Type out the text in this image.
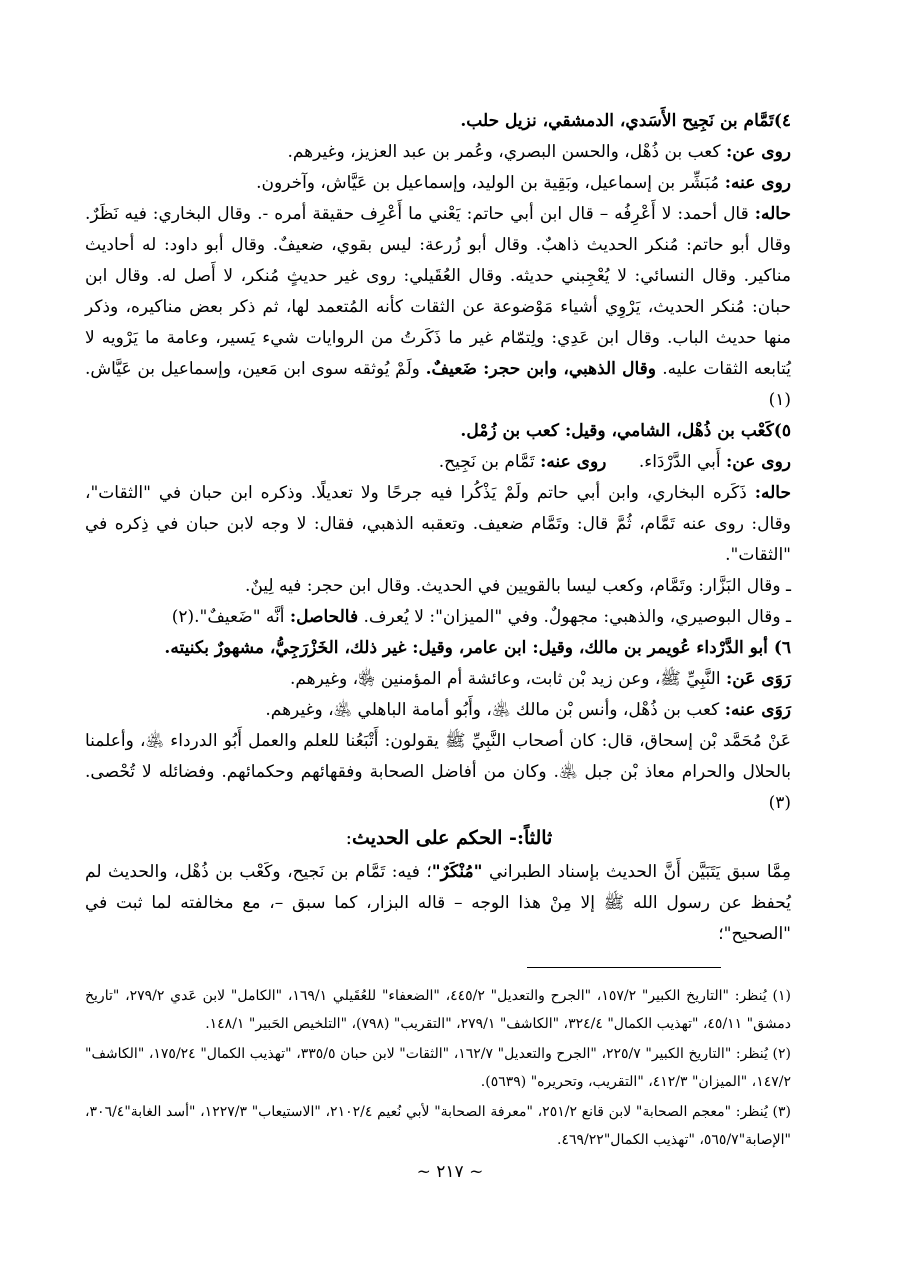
٤)تَمَّام بن نَجِيح الأَسَدي، الدمشقي، نزيل حلب.

روى عن: كعب بن ذُهْل، والحسن البصري، وعُمر بن عبد العزيز، وغيرهم.

روى عنه: مُبَشِّر بن إسماعيل، وبَقِية بن الوليد، وإسماعيل بن عَيَّاش، وآخرون.

حاله: قال أحمد: لا أَعْرِفُه – قال ابن أبي حاتم: يَعْني ما أَعْرِف حقيقة أمره -. وقال البخاري: فيه نَظَرٌ. وقال أبو حاتم: مُنكر الحديث ذاهبٌ. وقال أبو زُرعة: ليس بقوي، ضعيفٌ. وقال أبو داود: له أحاديث مناكير. وقال النسائي: لا يُعْجِبني حديثه. وقال العُقَيلي: روى غير حديثٍ مُنكر، لا أَصل له. وقال ابن حبان: مُنكر الحديث، يَرْوِي أشياء مَوْضوعة عن الثقات كأنه المُتعمد لها، ثم ذكر بعض مناكيره، وذكر منها حديث الباب. وقال ابن عَدِي: ولِتمّام غير ما ذَكَرتُ من الروايات شيء يَسير، وعامة ما يَرْويه لا يُتابعه الثقات عليه. وقال الذهبي، وابن حجر: ضَعيفٌ. ولَمْ يُوثقه سوى ابن مَعين، وإسماعيل بن عَيَّاش.(١)

٥)كَعْب بن ذُهْل، الشامي، وقيل: كعب بن زُمْل.

روى عن: أَبي الدَّرْدَاء.      روى عنه: تَمَّام بن نَجِيح.

حاله: ذَكَره البخاري، وابن أبي حاتم ولَمْ يَذْكُرا فيه جرحًا ولا تعديلًا. وذكره ابن حبان في "الثقات"، وقال: روى عنه تَمَّام، ثُمَّ قال: وتَمَّام ضعيف. وتعقبه الذهبي، فقال: لا وجه لابن حبان في ذِكره في "الثقات".

ـ وقال البَزَّار: وتَمَّام، وكعب ليسا بالقويين في الحديث. وقال ابن حجر: فيه لِينٌ.

ـ وقال البوصيري، والذهبي: مجهولٌ. وفي "الميزان": لا يُعرف. فالحاصل: أنَّه "ضَعيفٌ".(٢)

٦) أبو الدَّرْداء عُويمر بن مالك، وقيل: ابن عامر، وقيل: غير ذلك، الخَزْرَجِيُّ، مشهورٌ بكنيته.

رَوَى عَن: النَّبِيِّ ﷺ، وعن زيد بْن ثابت، وعائشة أم المؤمنين ﵂، وغيرهم.

رَوَى عنه: كعب بن ذُهْل، وأنس بْن مالك ﵁، وأَبُو أمامة الباهلي ﵁، وغيرهم.

عَنْ مُحَمَّد بْن إسحاق، قال: كان أصحاب النَّبِيِّ ﷺ يقولون: أَتْبَعُنا للعلم والعمل أَبُو الدرداء ﵁، وأعلمنا بالحلال والحرام معاذ بْن جبل ﵁. وكان من أفاضل الصحابة وفقهائهم وحكمائهم. وفضائله لا تُحْصى.(٣)

ثالثاً:- الحكم على الحديث:

مِمَّا سبق يَتَبَيَّن أَنَّ الحديث بإسناد الطبراني "مُنْكَرٌ"؛ فيه: تَمَّام بن نَجيح، وكَعْب بن ذُهْل، والحديث لم يُحفظ عن رسول الله ﷺ إلا مِنْ هذا الوجه – قاله البزار، كما سبق –، مع مخالفته لما ثبت في "الصحيح"؛

(١) يُنظر: "التاريخ الكبير" ١٥٧/٢، "الجرح والتعديل" ٤٤٥/٢، "الضعفاء" للعُقَيلي ١٦٩/١، "الكامل" لابن عَدي ٢٧٩/٢، "تاريخ دمشق" ٤٥/١١، "تهذيب الكمال" ٣٢٤/٤، "الكاشف" ٢٧٩/١، "التقريب" (٧٩٨)، "التلخيص الحَبير" ١٤٨/١.

(٢) يُنظر: "التاريخ الكبير" ٢٢٥/٧، "الجرح والتعديل" ١٦٢/٧، "الثقات" لابن حبان ٣٣٥/٥، "تهذيب الكمال" ١٧٥/٢٤، "الكاشف" ١٤٧/٢، "الميزان" ٤١٢/٣، "التقريب، وتحريره" (٥٦٣٩).

(٣) يُنظر: "معجم الصحابة" لابن قانع ٢٥١/٢، "معرفة الصحابة" لأبي نُعيم ٢١٠٢/٤، "الاستيعاب" ١٢٢٧/٣، "أسد الغابة"٣٠٦/٤، "الإصابة"٥٦٥/٧، "تهذيب الكمال"٤٦٩/٢٢.

~ ٢١٧ ~
